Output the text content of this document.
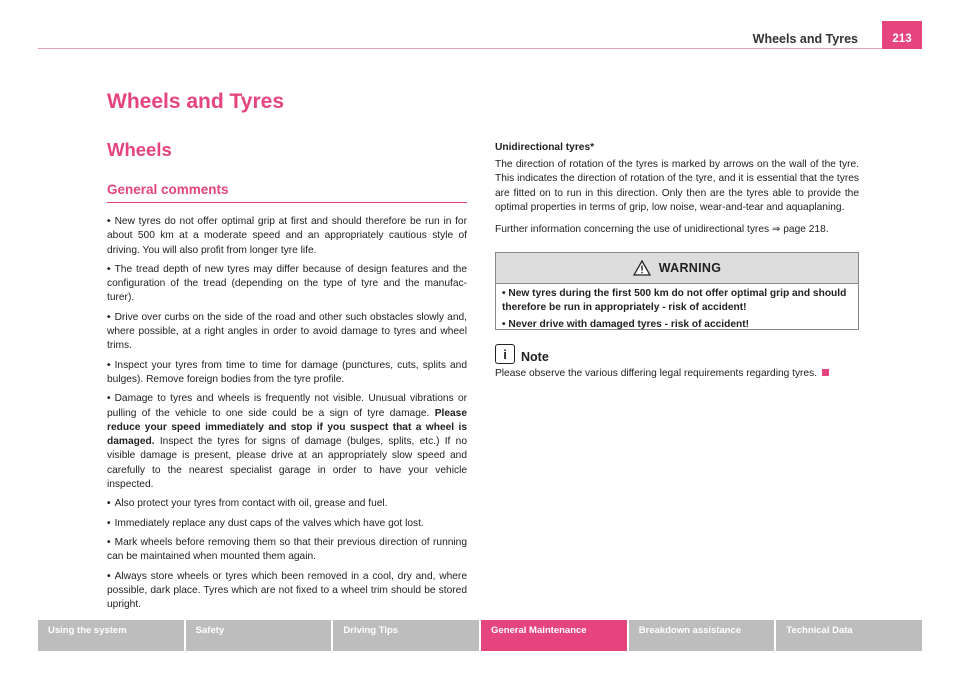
Wheels and Tyres	213
Wheels and Tyres
Wheels
General comments

• New tyres do not offer optimal grip at first and should therefore be run in for about 500 km at a moderate speed and an appropriately cautious style of driving. You will also profit from longer tyre life.

• The tread depth of new tyres may differ because of design features and the configuration of the tread (depending on the type of tyre and the manufac-turer).

• Drive over curbs on the side of the road and other such obstacles slowly and, where possible, at a right angles in order to avoid damage to tyres and wheel trims.

• Inspect your tyres from time to time for damage (punctures, cuts, splits and bulges). Remove foreign bodies from the tyre profile.

• Damage to tyres and wheels is frequently not visible. Unusual vibrations or pulling of the vehicle to one side could be a sign of tyre damage. Please reduce your speed immediately and stop if you suspect that a wheel is damaged. Inspect the tyres for signs of damage (bulges, splits, etc.) If no visible damage is present, please drive at an appropriately slow speed and carefully to the nearest specialist garage in order to have your vehicle inspected.

• Also protect your tyres from contact with oil, grease and fuel.

• Immediately replace any dust caps of the valves which have got lost.

• Mark wheels before removing them so that their previous direction of running can be maintained when mounted them again.

• Always store wheels or tyres which been removed in a cool, dry and, where possible, dark place. Tyres which are not fixed to a wheel trim should be stored upright.

Unidirectional tyres*

The direction of rotation of the tyres is marked by arrows on the wall of the tyre. This indicates the direction of rotation of the tyre, and it is essential that the tyres are fitted on to run in this direction. Only then are the tyres able to provide the optimal properties in terms of grip, low noise, wear-and-tear and aquaplaning.

Further information concerning the use of unidirectional tyres ⇒ page 218.

WARNING

• New tyres during the first 500 km do not offer optimal grip and should therefore be run in appropriately - risk of accident!

• Never drive with damaged tyres - risk of accident!

i	Note

Please observe the various differing legal requirements regarding tyres.

Using the system	Safety	Driving Tips	General Maintenance	Breakdown assistance	Technical Data
